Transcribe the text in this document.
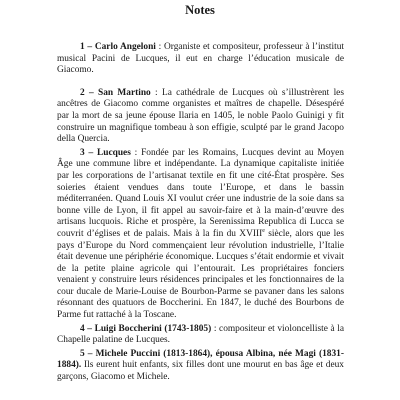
Notes

1 – Carlo Angeloni : Organiste et compositeur, professeur à l’institut musical Pacini de Lucques, il eut en charge l’éducation musicale de Giacomo.

2 – San Martino : La cathédrale de Lucques où s’illustrèrent les ancêtres de Giacomo comme organistes et maîtres de chapelle. Désespéré par la mort de sa jeune épouse Ilaria en 1405, le noble Paolo Guinigi y fit construire un magnifique tombeau à son effigie, sculpté par le grand Jacopo della Quercia.

3 – Lucques : Fondée par les Romains, Lucques devint au Moyen Âge une commune libre et indépendante. La dynamique capitaliste initiée par les corporations de l’artisanat textile en fit une cité-État prospère. Ses soieries étaient vendues dans toute l’Europe, et dans le bassin méditerranéen. Quand Louis XI voulut créer une industrie de la soie dans sa bonne ville de Lyon, il fit appel au savoir-faire et à la main-d’œuvre des artisans lucquois. Riche et prospère, la Serenissima Republica di Lucca se couvrit d’églises et de palais. Mais à la fin du XVIIIe siècle, alors que les pays d’Europe du Nord commençaient leur révolution industrielle, l’Italie était devenue une périphérie économique. Lucques s’était endormie et vivait de la petite plaine agricole qui l’entourait. Les propriétaires fonciers venaient y construire leurs résidences principales et les fonctionnaires de la cour ducale de Marie-Louise de Bourbon-Parme se pavaner dans les salons résonnant des quatuors de Boccherini. En 1847, le duché des Bourbons de Parme fut rattaché à la Toscane.

4 – Luigi Boccherini (1743-1805) : compositeur et violoncelliste à la Chapelle palatine de Lucques.

5 – Michele Puccini (1813-1864), épousa Albina, née Magi (1831-1884). Ils eurent huit enfants, six filles dont une mourut en bas âge et deux garçons, Giacomo et Michele.
